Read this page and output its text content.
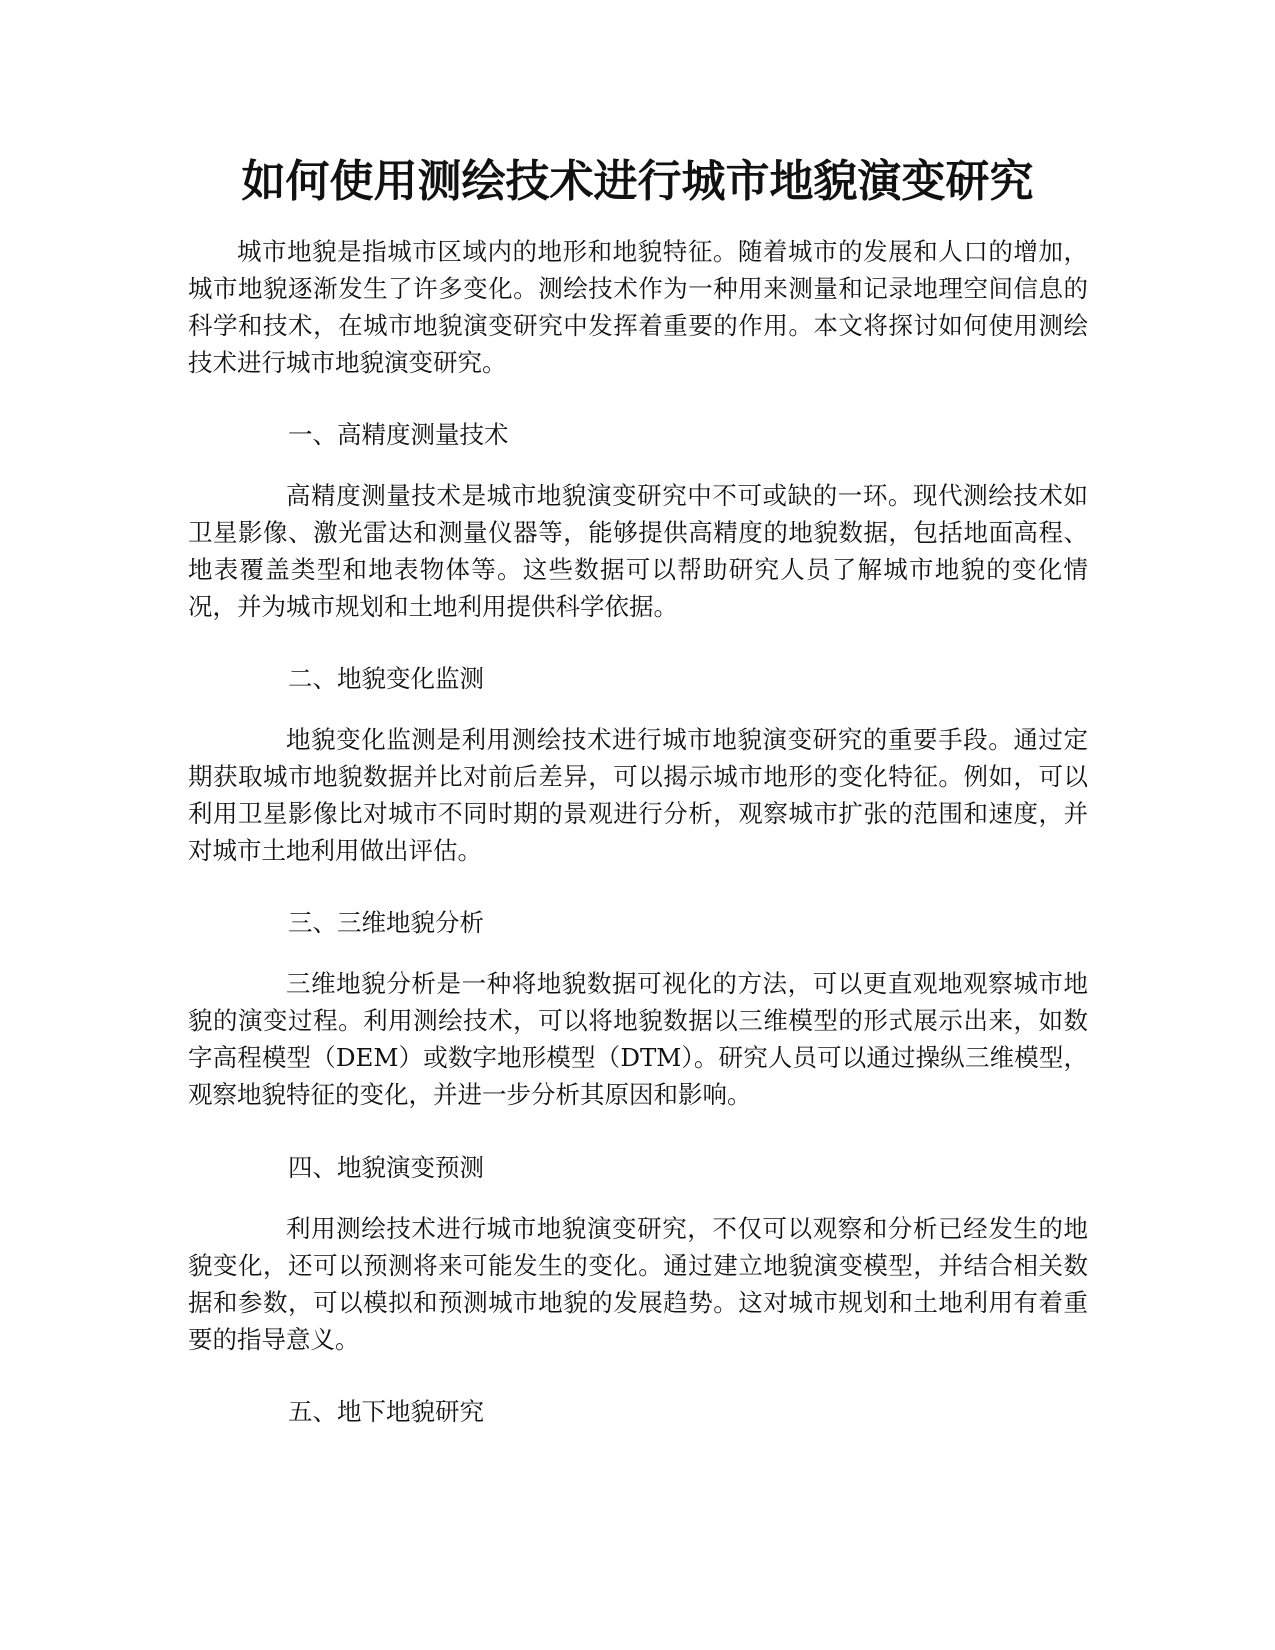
如何使用测绘技术进行城市地貌演变研究

城市地貌是指城市区域内的地形和地貌特征。随着城市的发展和人口的增加，城市地貌逐渐发生了许多变化。测绘技术作为一种用来测量和记录地理空间信息的科学和技术，在城市地貌演变研究中发挥着重要的作用。本文将探讨如何使用测绘技术进行城市地貌演变研究。

一、高精度测量技术

高精度测量技术是城市地貌演变研究中不可或缺的一环。现代测绘技术如卫星影像、激光雷达和测量仪器等，能够提供高精度的地貌数据，包括地面高程、地表覆盖类型和地表物体等。这些数据可以帮助研究人员了解城市地貌的变化情况，并为城市规划和土地利用提供科学依据。

二、地貌变化监测

地貌变化监测是利用测绘技术进行城市地貌演变研究的重要手段。通过定期获取城市地貌数据并比对前后差异，可以揭示城市地形的变化特征。例如，可以利用卫星影像比对城市不同时期的景观进行分析，观察城市扩张的范围和速度，并对城市土地利用做出评估。

三、三维地貌分析

三维地貌分析是一种将地貌数据可视化的方法，可以更直观地观察城市地貌的演变过程。利用测绘技术，可以将地貌数据以三维模型的形式展示出来，如数字高程模型（DEM）或数字地形模型（DTM）。研究人员可以通过操纵三维模型，观察地貌特征的变化，并进一步分析其原因和影响。

四、地貌演变预测

利用测绘技术进行城市地貌演变研究，不仅可以观察和分析已经发生的地貌变化，还可以预测将来可能发生的变化。通过建立地貌演变模型，并结合相关数据和参数，可以模拟和预测城市地貌的发展趋势。这对城市规划和土地利用有着重要的指导意义。

五、地下地貌研究
